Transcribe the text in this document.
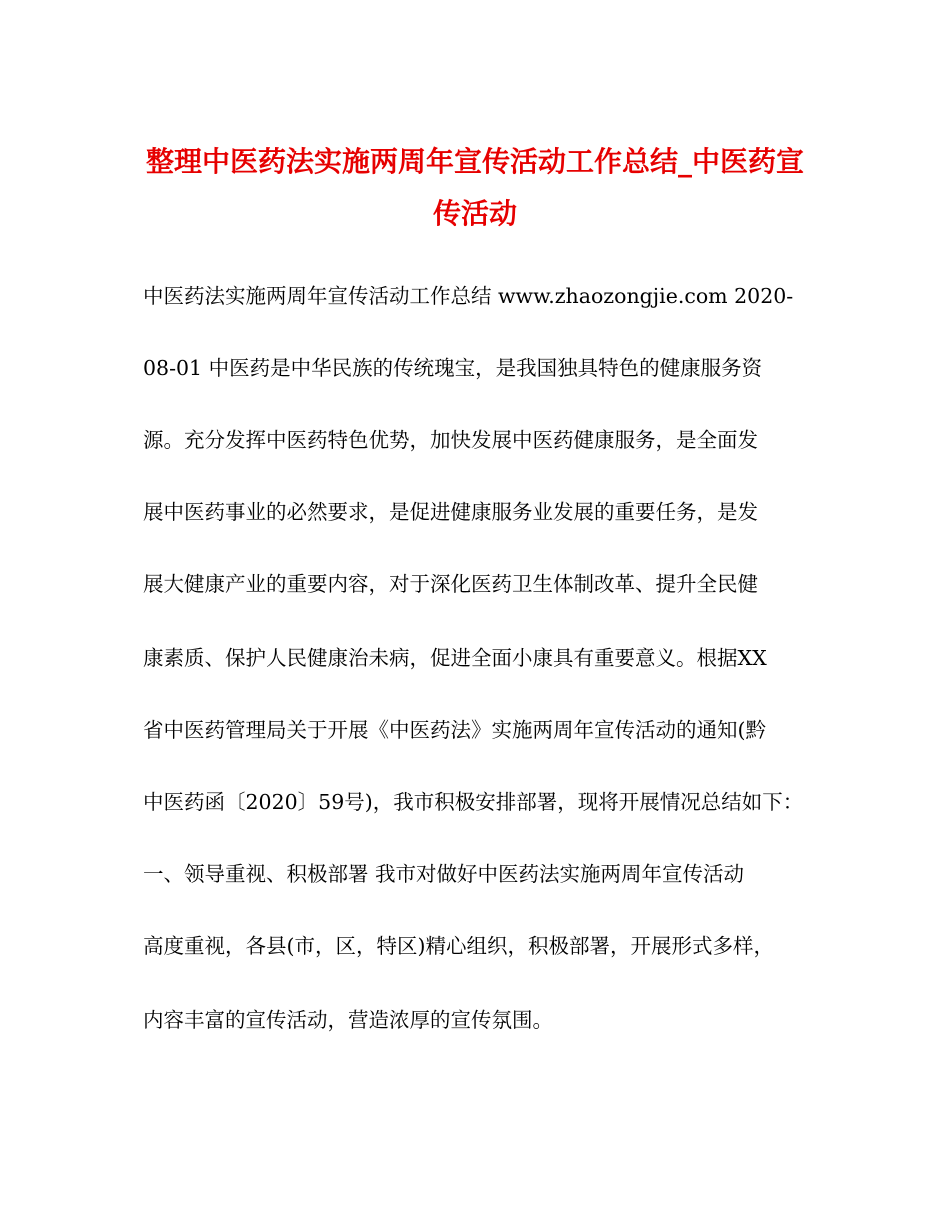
整理中医药法实施两周年宣传活动工作总结_中医药宣
传活动

中医药法实施两周年宣传活动工作总结 www.zhaozongjie.com 2020-

08-01 中医药是中华民族的传统瑰宝，是我国独具特色的健康服务资

源。充分发挥中医药特色优势，加快发展中医药健康服务，是全面发

展中医药事业的必然要求，是促进健康服务业发展的重要任务，是发

展大健康产业的重要内容，对于深化医药卫生体制改革、提升全民健

康素质、保护人民健康治未病，促进全面小康具有重要意义。根据XX

省中医药管理局关于开展《中医药法》实施两周年宣传活动的通知(黔

中医药函〔2020〕59号)，我市积极安排部署，现将开展情况总结如下：

一、领导重视、积极部署 我市对做好中医药法实施两周年宣传活动

高度重视，各县(市，区，特区)精心组织，积极部署，开展形式多样，

内容丰富的宣传活动，营造浓厚的宣传氛围。
